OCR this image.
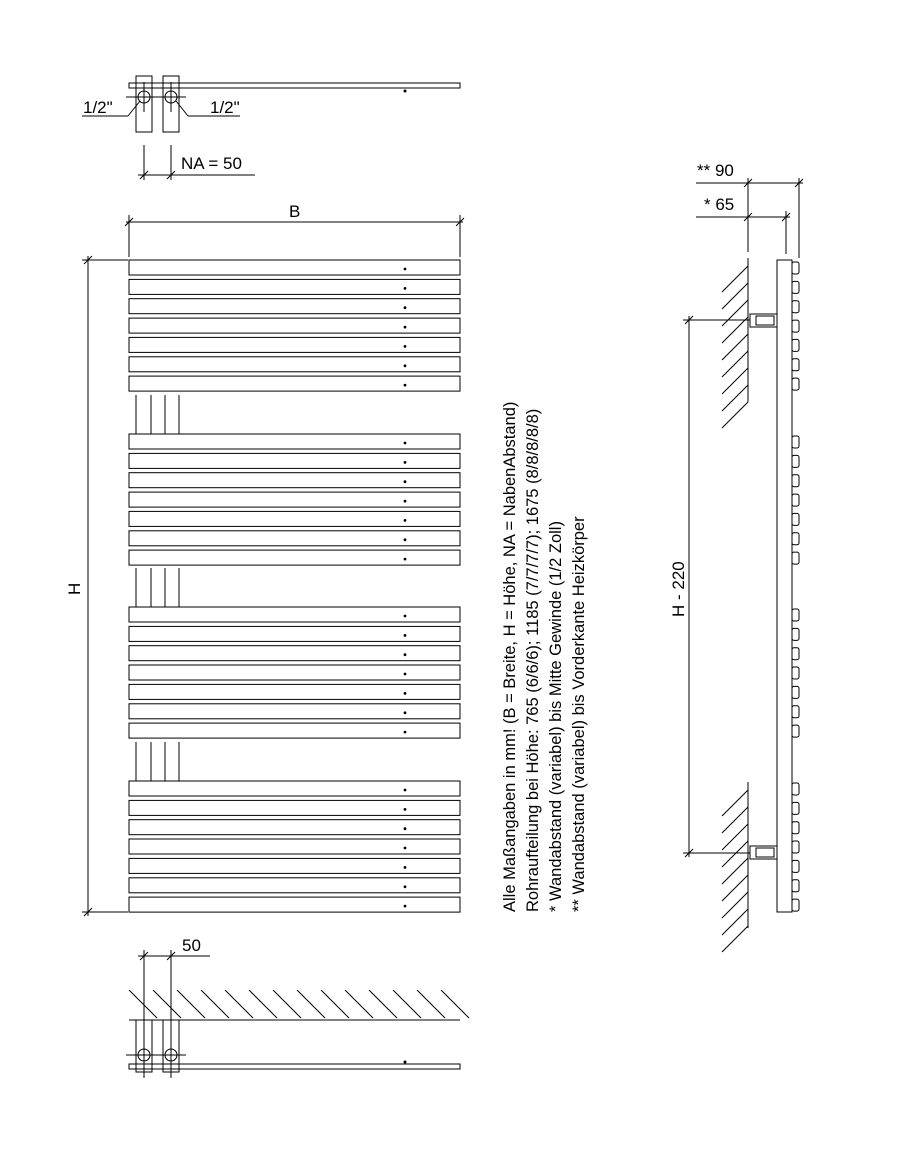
1/2"	1/2"
NA = 50
B
H
50
Alle Maßangaben in mm! (B = Breite, H = Höhe, NA = NabenAbstand) Rohraufteilung bei Höhe: 765 (6/6/6); 1185 (7/7/7/7); 1675 (8/8/8/8/8) * Wandabstand (variabel) bis Mitte Gewinde (1/2 Zoll) ** Wandabstand (variabel) bis Vorderkante Heizkörper
** 90
* 65
H - 220
